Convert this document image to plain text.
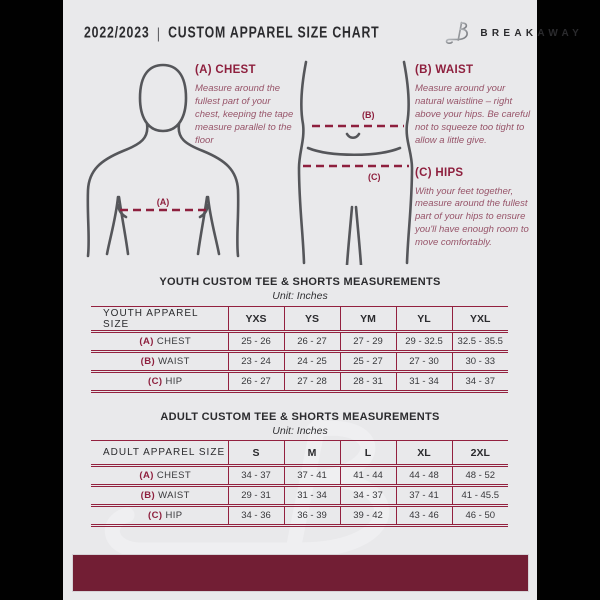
2022/2023 | CUSTOM APPAREL SIZE CHART	BREAKAWAY
(A)
(A) CHEST
Measure around the fullest part of your chest, keeping the tape measure parallel to the floor
(B)
(C)
(B) WAIST
Measure around your natural waistline – right above your hips. Be careful not to squeeze too tight to allow a little give.
(C) HIPS
With your feet together, measure around the fullest part of your hips to ensure you'll have enough room to move comfortably.
YOUTH CUSTOM TEE & SHORTS MEASUREMENTS
Unit: Inches
YOUTH APPAREL SIZE	YXS	YS	YM	YL	YXL
(A) CHEST	25 - 26	26 - 27	27 - 29	29 - 32.5	32.5 - 35.5
(B) WAIST	23 - 24	24 - 25	25 - 27	27 - 30	30 - 33
(C) HIP	26 - 27	27 - 28	28 - 31	31 - 34	34 - 37
ADULT CUSTOM TEE & SHORTS MEASUREMENTS
Unit: Inches
ADULT APPAREL SIZE	S	M	L	XL	2XL
(A) CHEST	34 - 37	37 - 41	41 - 44	44 - 48	48 - 52
(B) WAIST	29 - 31	31 - 34	34 - 37	37 - 41	41 - 45.5
(C) HIP	34 - 36	36 - 39	39 - 42	43 - 46	46 - 50
